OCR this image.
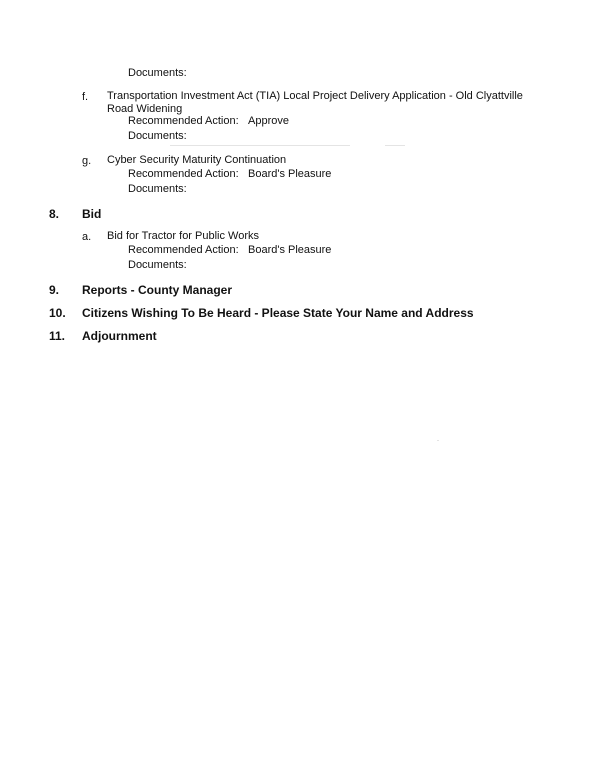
Documents:
f. Transportation Investment Act (TIA) Local Project Delivery Application - Old Clyattville Road Widening
Recommended Action: Approve
Documents:
g. Cyber Security Maturity Continuation
Recommended Action: Board's Pleasure
Documents:
8. Bid
a. Bid for Tractor for Public Works
Recommended Action: Board's Pleasure
Documents:
9. Reports - County Manager
10. Citizens Wishing To Be Heard - Please State Your Name and Address
11. Adjournment
